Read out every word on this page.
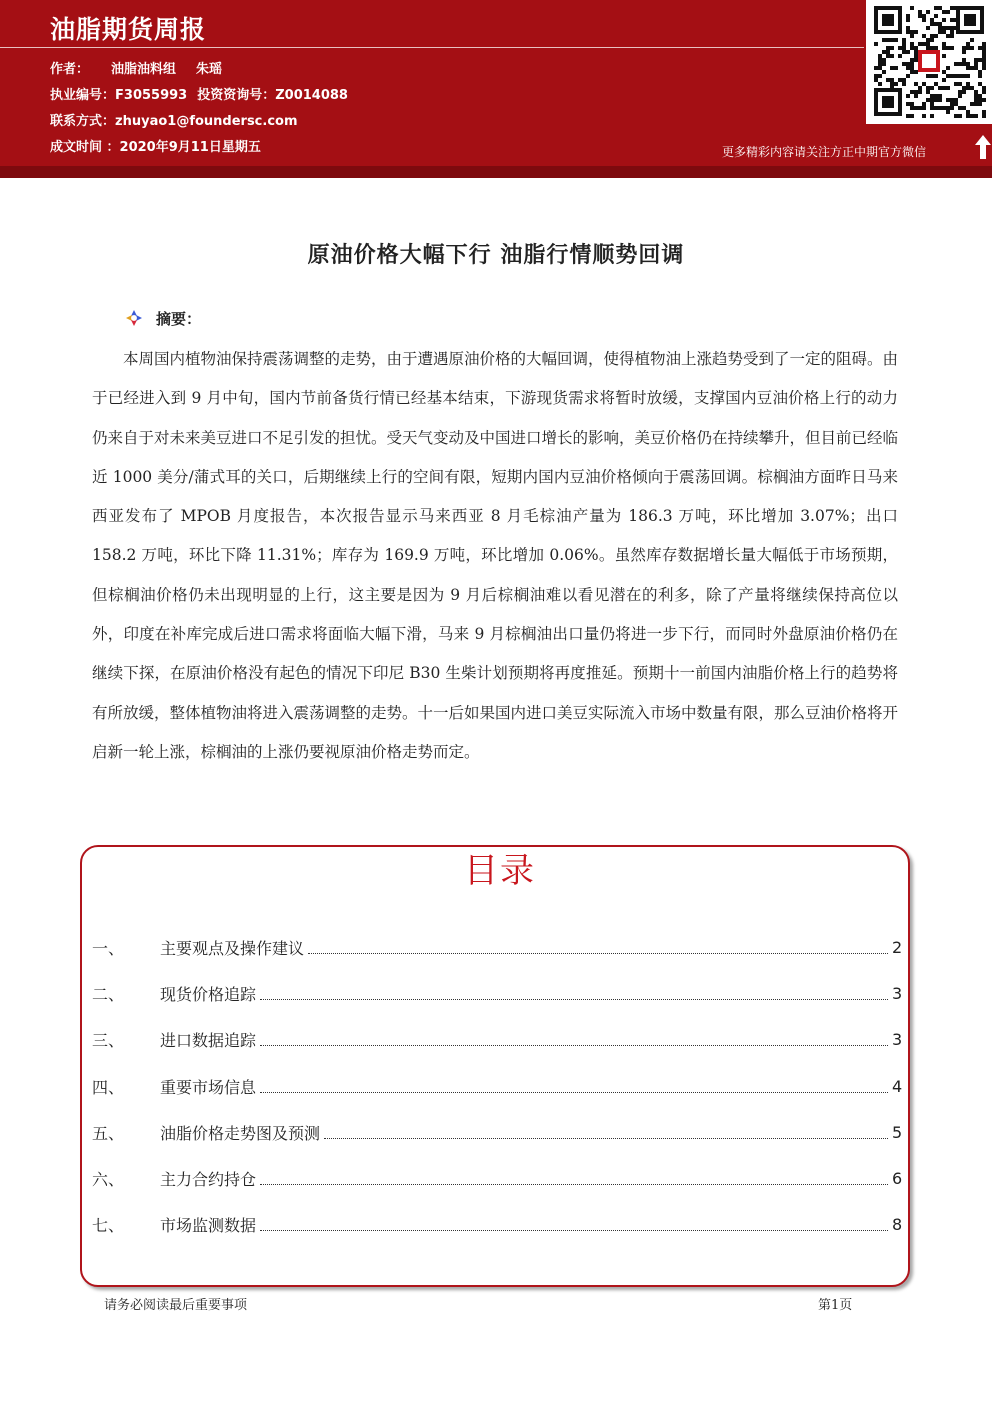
油脂期货周报
作者： 油脂油料组 朱瑶
执业编号：F3055993 投资资询号：Z0014088
联系方式：zhuyao1@foundersc.com
成文时间 ：2020年9月11日星期五	更多精彩内容请关注方正中期官方微信
原油价格大幅下行 油脂行情顺势回调
摘要：

本周国内植物油保持震荡调整的走势，由于遭遇原油价格的大幅回调，使得植物油上涨趋势受到了一定的阻碍。由于已经进入到 9 月中旬，国内节前备货行情已经基本结束，下游现货需求将暂时放缓，支撑国内豆油价格上行的动力仍来自于对未来美豆进口不足引发的担忧。受天气变动及中国进口增长的影响，美豆价格仍在持续攀升，但目前已经临近 1000 美分/蒲式耳的关口，后期继续上行的空间有限，短期内国内豆油价格倾向于震荡回调。棕榈油方面昨日马来西亚发布了 MPOB 月度报告，本次报告显示马来西亚 8 月毛棕油产量为 186.3 万吨，环比增加 3.07%；出口 158.2 万吨，环比下降 11.31%；库存为 169.9 万吨，环比增加 0.06%。虽然库存数据增长量大幅低于市场预期，但棕榈油价格仍未出现明显的上行，这主要是因为 9 月后棕榈油难以看见潜在的利多，除了产量将继续保持高位以外，印度在补库完成后进口需求将面临大幅下滑，马来 9 月棕榈油出口量仍将进一步下行，而同时外盘原油价格仍在继续下探，在原油价格没有起色的情况下印尼 B30 生柴计划预期将再度推延。预期十一前国内油脂价格上行的趋势将有所放缓，整体植物油将进入震荡调整的走势。十一后如果国内进口美豆实际流入市场中数量有限，那么豆油价格将开启新一轮上涨，棕榈油的上涨仍要视原油价格走势而定。

目录
一、	主要观点及操作建议	2
二、	现货价格追踪	3
三、	进口数据追踪	3
四、	重要市场信息	4
五、	油脂价格走势图及预测	5
六、	主力合约持仓	6
七、	市场监测数据	8
请务必阅读最后重要事项	第1页
